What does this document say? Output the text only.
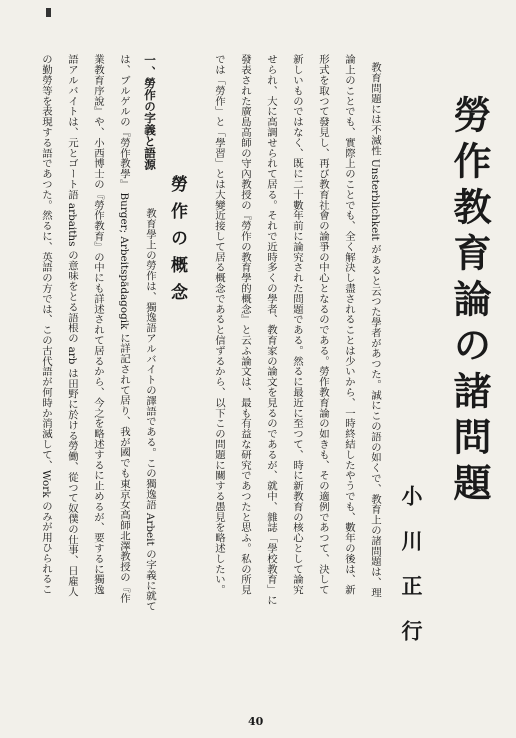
勞作教育論の諸問題
小川正行
教育問題には不滅性 Unsterblichkeit があると云つた學者があつた。誠にこの語の如くで、教育上の諸問題は、理
論上のことでも、實際上のことでも、全く解決し盡されることは少いから、一時終結したやうでも、數年の後は、新
形式を取つて發見し、再び教育社會の論爭の中心となるのである。勞作教育論の如きも、その適例であつて、決して
新しいものではなく、既に二十數年前に論究された問題である。然るに最近に至つて、時に新教育の核心として論究
せられ、大に高調せられて居る。それで近時多くの學者、教育家の論文を見るのであるが、就中、雜誌「學校教育」に
發表された廣島高師の守內教授の『勞作の教育學的概念』と云ふ論文は、最も有益な研究であつたと思ふ。私の所見
では「勞作」と「學習」とは大變近接して居る概念であると信ずるから、以下この問題に關する愚見を略述したい。
勞作の概念
一、勞作の字義と語源
教育學上の勞作は、獨逸語アルバイトの譯語である。この獨逸語 Arbeit の字義に就て
は、ブルゲルの『勞作教學』 Burger; Arbeitspädagogik に詳記されて居り、我が國でも東京女高師北澤教授の『作
業教育序說』や、小西博士の『勞作教育』の中にも詳述されて居るから、今之を略述するに止めるが、要するに獨逸
語アルバイトは、元とゴート語 arbaiths の意味をとる語根の arb は田野に於ける勞働、從つて奴僕の仕事、日雇人
の勤勞等を表現する語であつた。然るに、英語の方では、この古代語が何時か消滅して、Work のみが用ひられるこ
40
